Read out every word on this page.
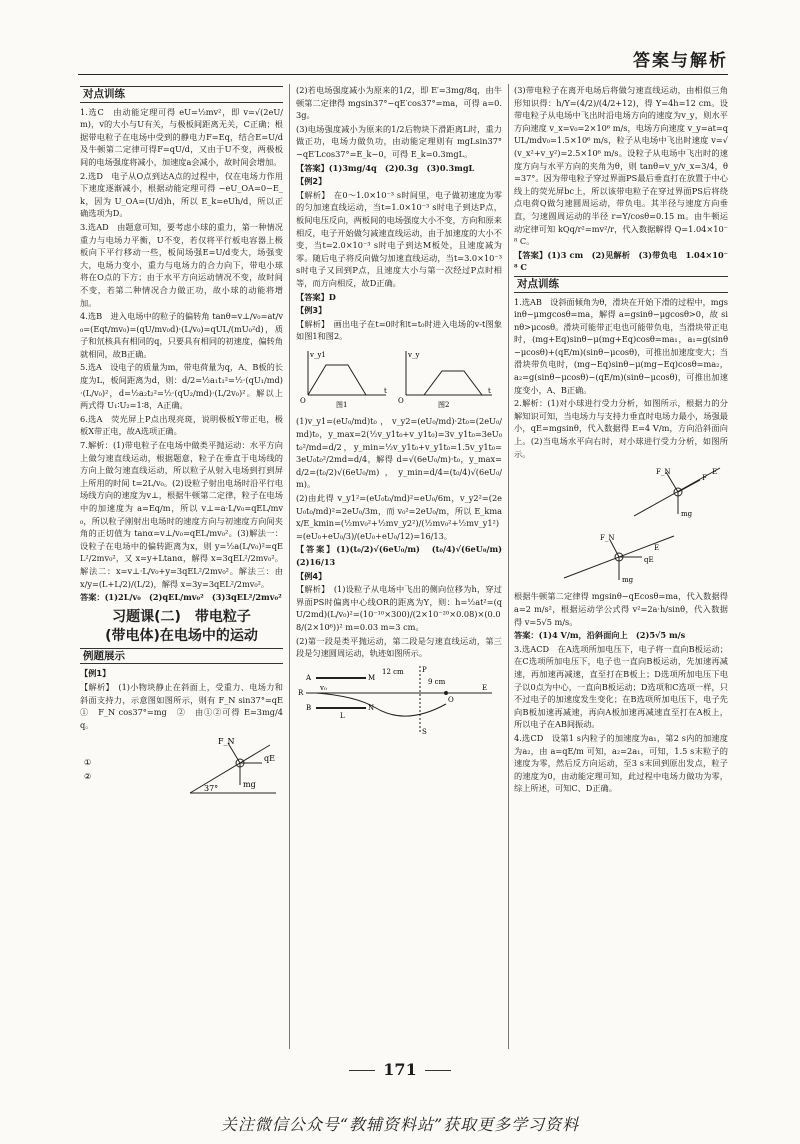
答案与解析
对点训练

1.选C　由动能定理可得 eU=½mv²，即 v=√(2eU/m)，v的大小与U有关，与极板间距离无关，C正确；根据带电粒子在电场中受到的静电力F=Eq，结合E=U/d及牛顿第二定律可得F=qU/d，又由于U不变，两极板间的电场强度将减小，加速度a会减小，故时间会增加。

2.选D　电子从O点到达A点的过程中，仅在电场力作用下速度逐渐减小，根据动能定理可得 −eU_OA=0−E_k，因为 U_OA=(U/d)h，所以 E_k=eUh/d，所以正确选项为D。

3.选AD　由题意可知，要考虑小球的重力，第一种情况重力与电场力平衡，U不变，若仅将平行板电容器上极板向下平行移动一些，板间场强E=U/d变大，场强变大，电场力变小，重力与电场力的合力向下，带电小球将在O点的下方；由于水平方向运动情况不变，故时间不变，若第二种情况合力做正功，故小球的动能将增加。

4.选B　进入电场中的粒子的偏转角 tanθ=v⊥/v₀=at/v₀=(Eqt/mv₀)=(qU/mv₀d)·(L/v₀)=qUL/(mU₀²d)，质子和氘核具有相同的q，只要具有相同的初速度，偏转角就相同，故B正确。

5.选A　设电子的质量为m，带电荷量为q，A、B板的长度为L，板间距离为d，则：d/2=½a₁t₁²=½·(qU₁/md)·(L/v₀)²，d=½a₂t₂²=½·(qU₂/md)·(L/2v₀)²。解以上两式得 U₁∶U₂=1∶8，A正确。

6.选A　荧光屏上P点出现亮斑，说明极板Y带正电，极板X带正电，故A选项正确。

7.解析：(1)带电粒子在电场中做类平抛运动：水平方向上做匀速直线运动，根据题意，粒子在垂直于电场线的方向上做匀速直线运动，所以粒子从射入电场到打到屏上所用的时间 t=2L/v₀。(2)设粒子射出电场时沿平行电场线方向的速度为v⊥，根据牛顿第二定律，粒子在电场中的加速度为 a=Eq/m，所以 v⊥=a·L/v₀=qEL/mv₀，所以粒子刚射出电场时的速度方向与初速度方向间夹角的正切值为 tanα=v⊥/v₀=qEL/mv₀²。(3)解法一：设粒子在电场中的偏转距离为x，则 y=½a(L/v₀)²=qEL²/2mv₀²，又 x=y+Ltanα，解得 x=3qEL²/2mv₀²。解法二：x=v⊥·L/v₀+y=3qEL²/2mv₀²。解法三：由 x/y=(L+L/2)/(L/2)，解得 x=3y=3qEL²/2mv₀²。

答案：(1)2L/v₀　(2)qEL/mv₀²　(3)3qEL²/2mv₀²

习题课(二)　带电粒子
(带电体)在电场中的运动
例题展示

【例1】

【解析】　(1)小物块静止在斜面上，受重力、电场力和斜面支持力，示意图如图所示，则有 F_N sin37°=qE　①　F_N cos37°=mg　②　由①②可得 E=3mg/4q。

F_N
qE
mg
37°
①
②

(2)若电场强度减小为原来的1/2，即 E′=3mg/8q，由牛顿第二定律得 mgsin37°−qE′cos37°=ma，可得 a=0.3g。

(3)电场强度减小为原来的1/2后物块下滑距离L时，重力做正功，电场力做负功，由动能定理则有 mgLsin37°−qE′Lcos37°=E_k−0，可得 E_k=0.3mgL。

【答案】(1)3mg/4q　(2)0.3g　(3)0.3mgL

【例2】

【解析】　在0～1.0×10⁻³ s时间里，电子做初速度为零的匀加速直线运动，当t=1.0×10⁻³ s时电子到达P点，板间电压反向，两板间的电场强度大小不变，方向和原来相反，电子开始做匀减速直线运动，由于加速度的大小不变，当t=2.0×10⁻³ s时电子到达M板处，且速度减为零。随后电子将反向做匀加速直线运动，当t=3.0×10⁻³ s时电子又回到P点，且速度大小与第一次经过P点时相等，而方向相反，故D正确。

【答案】D

【例3】

【解析】　画出电子在t=0时和t=t₀时进入电场的v-t图象如图1和图2。

v_y1
t
O	图1
v_y
t
O	图2

(1)v_y1=(eU₀/md)t₀，v_y2=(eU₀/md)·2t₀=(2eU₀/md)t₀，y_max=2(½v_y1t₀+v_y1t₀)=3v_y1t₀=3eU₀t₀²/md=d/2，y_min=½v_y1t₀+v_y1t₀=1.5v_y1t₀=3eU₀t₀²/2md=d/4，解得 d=√(6eU₀/m)·t₀，y_max=d/2=(t₀/2)√(6eU₀/m)，y_min=d/4=(t₀/4)√(6eU₀/m)。

(2)由此得 v_y1²=(eU₀t₀/md)²=eU₀/6m，v_y2²=(2eU₀t₀/md)²=2eU₀/3m，而 v₀²=2eU₀/m，所以 E_kmax/E_kmin=(½mv₀²+½mv_y2²)/(½mv₀²+½mv_y1²)=(eU₀+eU₀/3)/(eU₀+eU₀/12)=16/13。

【答案】(1)(t₀/2)√(6eU₀/m)　(t₀/4)√(6eU₀/m)　(2)16/13

【例4】

【解析】　(1)设粒子从电场中飞出的侧向位移为h，穿过界面PS时偏离中心线OR的距离为Y，则：h=½at²=(qU/2md)(L/v₀)²=(10⁻¹⁰×300)/(2×10⁻²⁰×0.08)×(0.08/(2×10⁶))² m=0.03 m=3 cm。

(2)第一段是类平抛运动，第二段是匀速直线运动，第三段是匀速圆周运动，轨迹如图所示。

A
B
R
M
N
P
O
S
12 cm
9 cm
L
v₀	E

(3)带电粒子在离开电场后将做匀速直线运动，由相似三角形知识得：h/Y=(4/2)/(4/2+12)，得 Y=4h=12 cm。设带电粒子从电场中飞出时沿电场方向的速度为v_y，则水平方向速度 v_x=v₀=2×10⁶ m/s，电场方向速度 v_y=at=qUL/mdv₀=1.5×10⁶ m/s，粒子从电场中飞出时速度 v=√(v_x²+v_y²)=2.5×10⁶ m/s。设粒子从电场中飞出时的速度方向与水平方向的夹角为θ，则 tanθ=v_y/v_x=3/4，θ=37°。因为带电粒子穿过界面PS最后垂直打在放置于中心线上的荧光屏bc上，所以该带电粒子在穿过界面PS后将绕点电荷Q做匀速圆周运动，带负电。其半径与速度方向垂直，匀速圆周运动的半径 r=Y/cosθ=0.15 m。由牛顿运动定律可知 kQq/r²=mv²/r，代入数据解得 Q=1.04×10⁻⁸ C。

【答案】(1)3 cm　(2)见解析　(3)带负电　1.04×10⁻⁸ C

对点训练

1.选AB　设斜面倾角为θ，滑块在开始下滑的过程中，mgsinθ−μmgcosθ=ma，解得 a=gsinθ−μgcosθ>0，故 sinθ>μcosθ。滑块可能带正电也可能带负电，当滑块带正电时，(mg+Eq)sinθ−μ(mg+Eq)cosθ=ma₁，a₁=g(sinθ−μcosθ)+(qE/m)(sinθ−μcosθ)，可推出加速度变大；当滑块带负电时，(mg−Eq)sinθ−μ(mg−Eq)cosθ=ma₂，a₂=g(sinθ−μcosθ)−(qE/m)(sinθ−μcosθ)，可推出加速度变小，A、B正确。

2.解析：(1)对小球进行受力分析，如图所示，根据力的分解知识可知，当电场力与支持力垂直时电场力最小，场强最小，qE=mgsinθ，代入数据得 E=4 V/m，方向沿斜面向上。(2)当电场水平向右时，对小球进行受力分析，如图所示。

F_N
F
E
mg

F_N
E
qE
mg

根据牛顿第二定律得 mgsinθ−qEcosθ=ma，代入数据得 a=2 m/s²，根据运动学公式得 v²=2a·h/sinθ，代入数据得 v=5√5 m/s。

答案：(1)4 V/m，沿斜面向上　(2)5√5 m/s

3.选ACD　在A选项所加电压下，电子将一直向B板运动；在C选项所加电压下，电子也一直向B板运动，先加速再减速，再加速再减速，直至打在B板上；D选项所加电压下电子以0点为中心，一直向B板运动；D选项和C选项一样，只不过电子的加速度发生变化；在B选项所加电压下，电子先向B板加速再减速，再向A板加速再减速直至打在A板上，所以电子在AB间振动。

4.选CD　设第1 s内粒子的加速度为a₁，第2 s内的加速度为a₂，由 a=qE/m 可知，a₂=2a₁，可知，1.5 s末粒子的速度为零，然后反方向运动，至3 s末回到原出发点，粒子的速度为0，由动能定理可知，此过程中电场力做功为零，综上所述，可知C、D正确。

171
关注微信公众号“教辅资料站”获取更多学习资料
